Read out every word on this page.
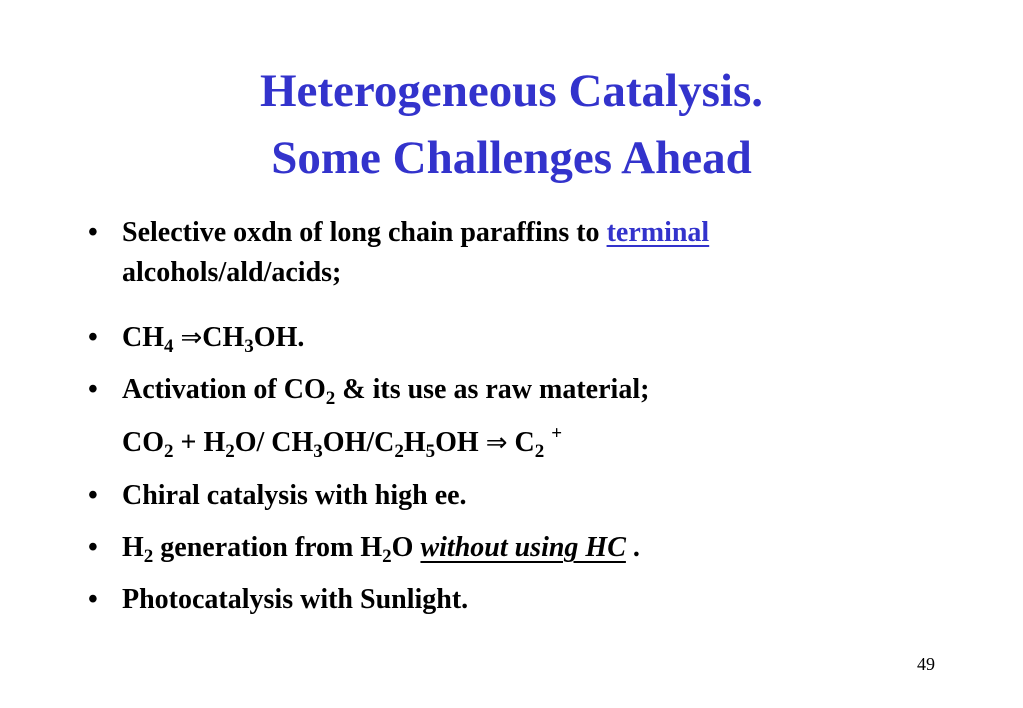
Heterogeneous Catalysis.
Some Challenges Ahead
• Selective oxdn of long chain paraffins to terminal
alcohols/ald/acids;
• $CH_4$ $\Rightarrow CH_3OH$.
• Activation of $CO_2$ & its use as raw material;
$CO_2 + H_2O/$ $CH_3OH/C_2H_5OH$ ⇒ $C_2$ +
• Chiral catalysis with high ee.
• $H_2$ generation from $H_2O$ without using HC .
• Photocatalysis with Sunlight.
49
